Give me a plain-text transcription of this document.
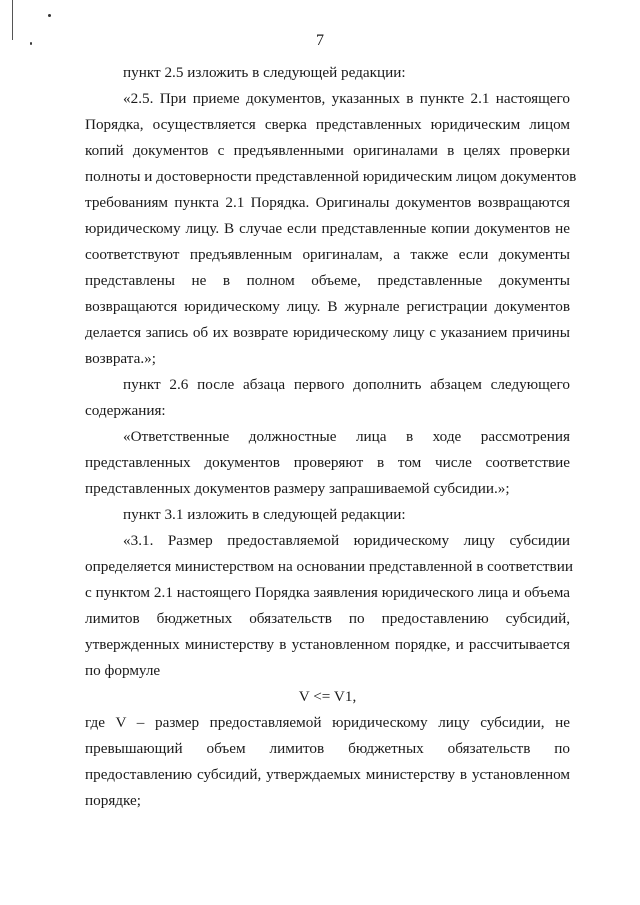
7
пункт 2.5 изложить в следующей редакции:
«2.5. При приеме документов, указанных в пункте 2.1 настоящего
Порядка, осуществляется сверка представленных юридическим лицом
копий документов с предъявленными оригиналами в целях проверки
полноты и достоверности представленной юридическим лицом документов
требованиям пункта 2.1 Порядка. Оригиналы документов возвращаются
юридическому лицу. В случае если представленные копии документов не
соответствуют предъявленным оригиналам, а также если документы
представлены не в полном объеме, представленные документы
возвращаются юридическому лицу. В журнале регистрации документов
делается запись об их возврате юридическому лицу с указанием причины
возврата.»;
пункт 2.6 после абзаца первого дополнить абзацем следующего
содержания:
«Ответственные должностные лица в ходе рассмотрения
представленных документов проверяют в том числе соответствие
представленных документов размеру запрашиваемой субсидии.»;
пункт 3.1 изложить в следующей редакции:
«3.1. Размер предоставляемой юридическому лицу субсидии
определяется министерством на основании представленной в соответствии
с пунктом 2.1 настоящего Порядка заявления юридического лица и объема
лимитов бюджетных обязательств по предоставлению субсидий,
утвержденных министерству в установленном порядке, и рассчитывается
по формуле
V <= V1,
где V – размер предоставляемой юридическому лицу субсидии, не
превышающий объем лимитов бюджетных обязательств по
предоставлению субсидий, утверждаемых министерству в установленном
порядке;
